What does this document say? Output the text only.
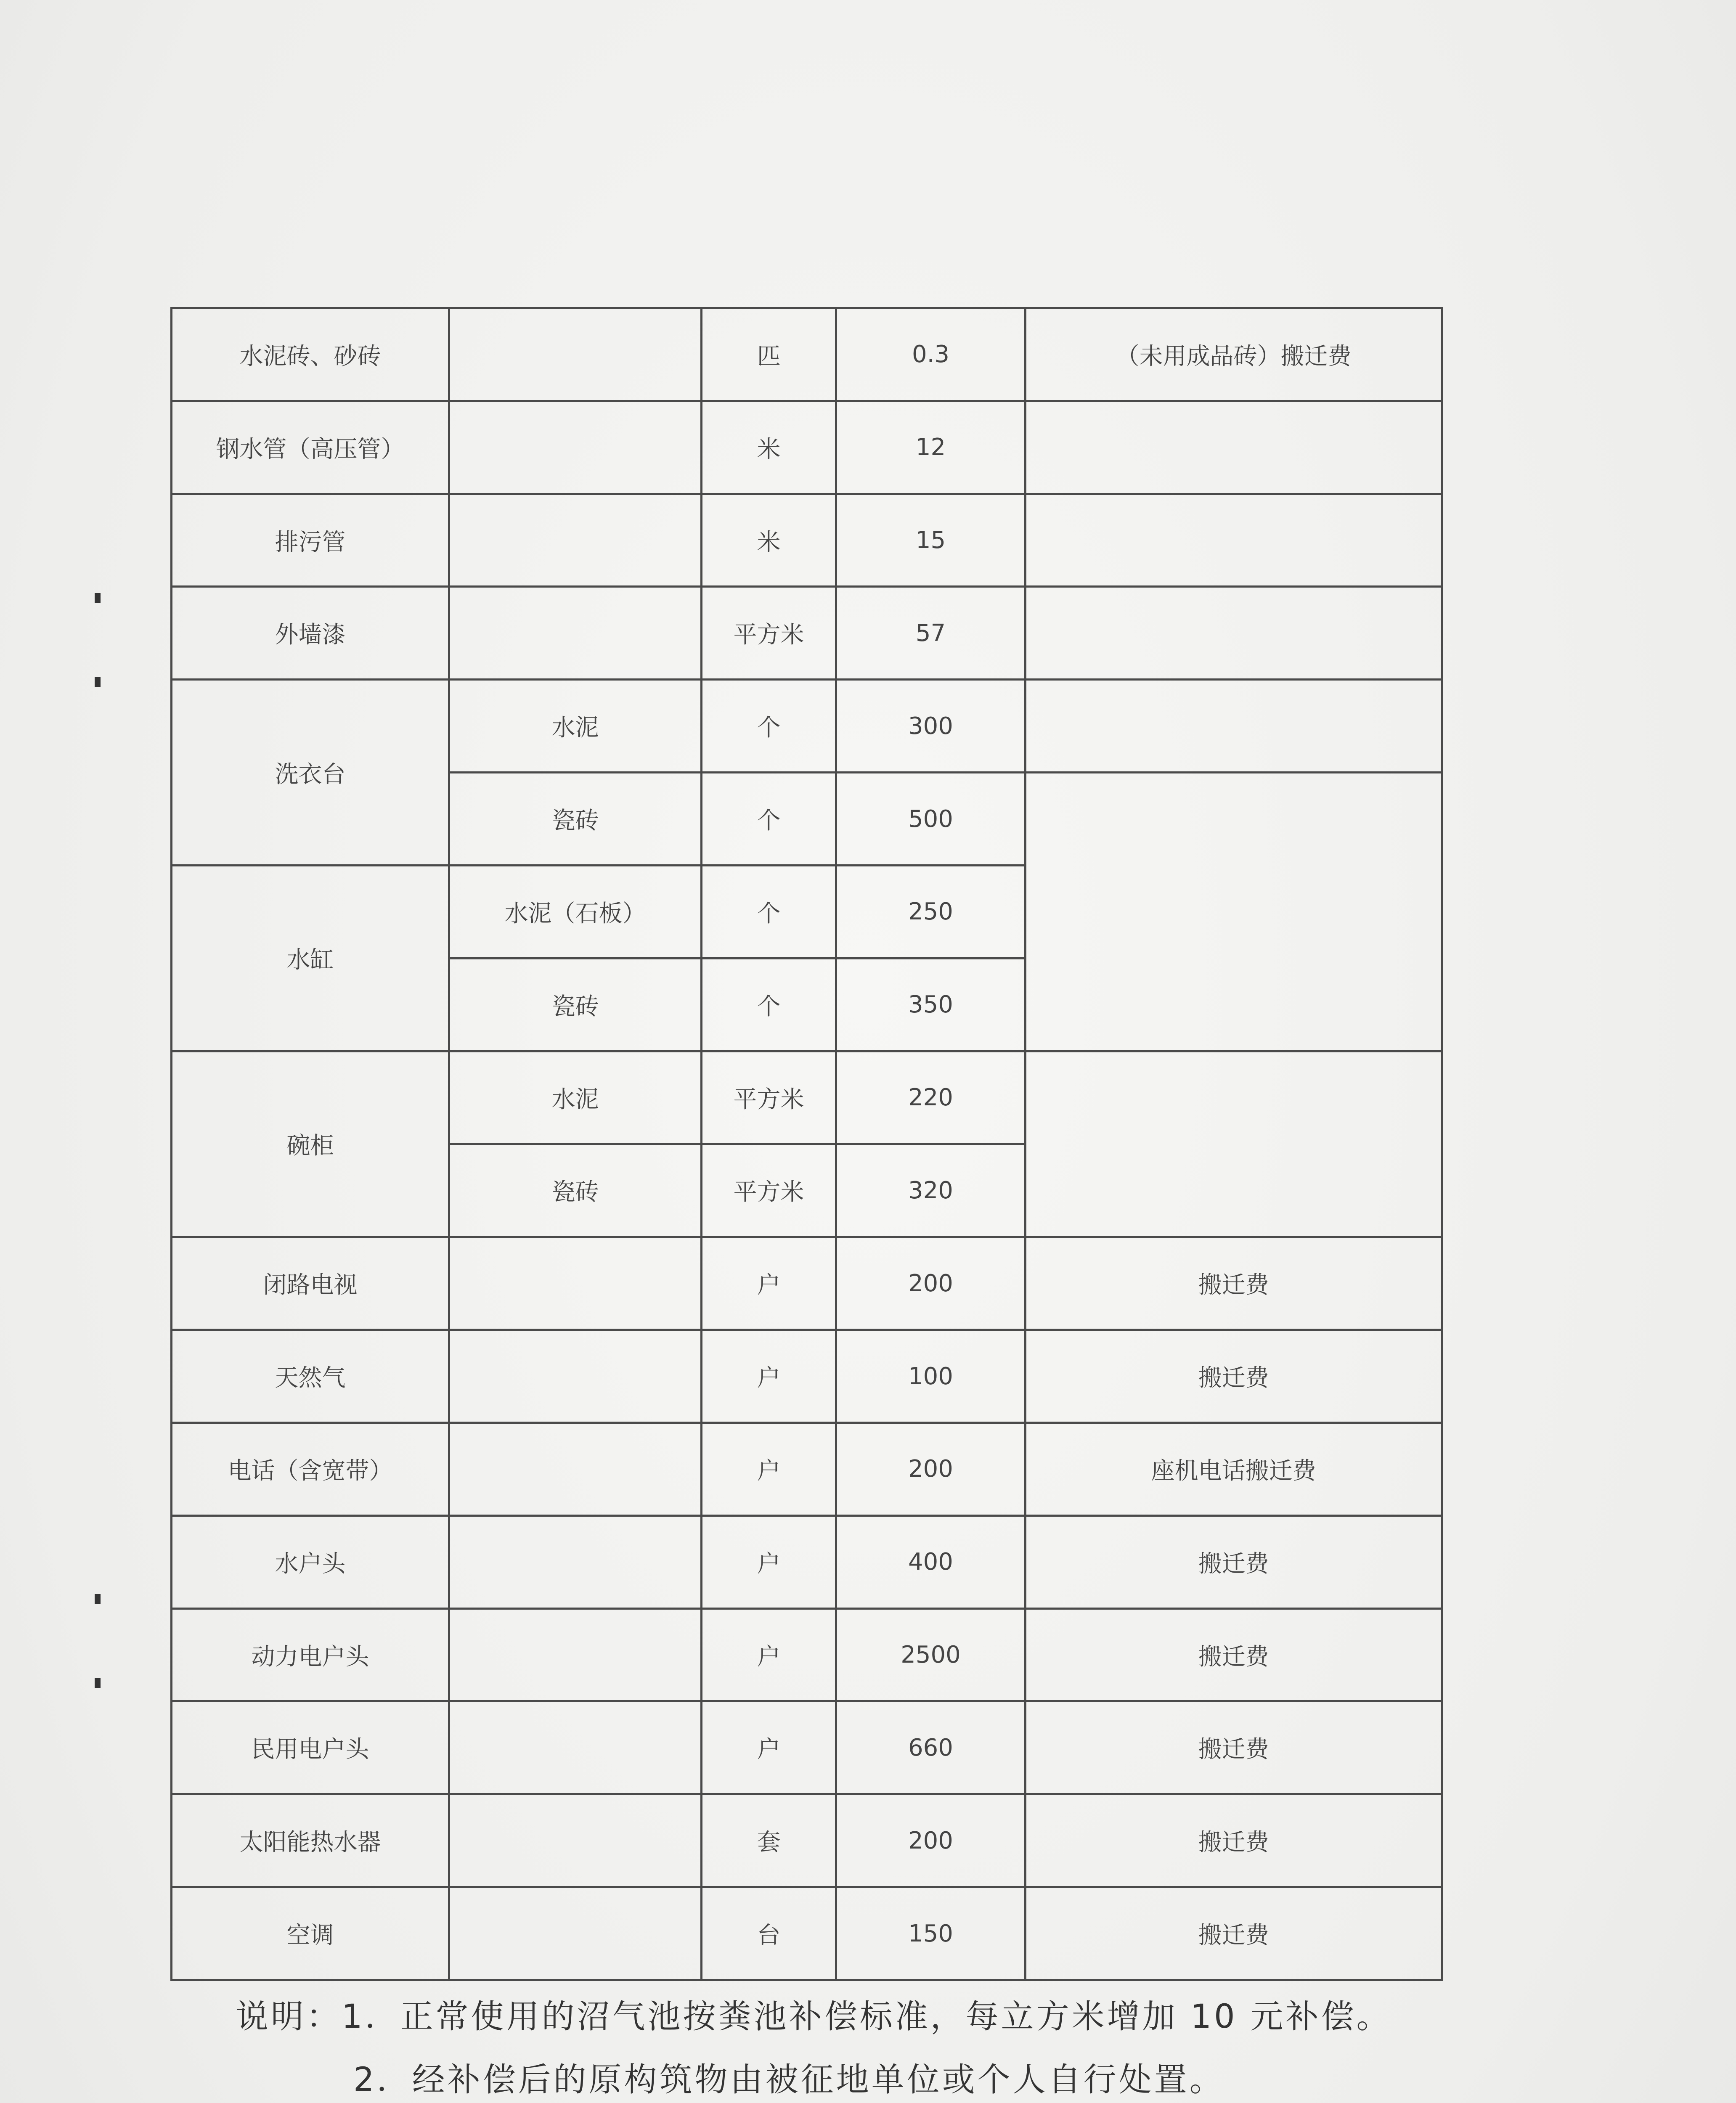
水泥砖、砂砖		匹	0.3	（未用成品砖）搬迁费
钢水管（高压管）		米	12	
排污管		米	15	
外墙漆		平方米	57	
洗衣台	水泥	个	300	
	瓷砖	个	500	
水缸	水泥（石板）	个	250	
	瓷砖	个	350	
碗柜	水泥	平方米	220	
	瓷砖	平方米	320	
闭路电视		户	200	搬迁费
天然气		户	100	搬迁费
电话（含宽带）		户	200	座机电话搬迁费
水户头		户	400	搬迁费
动力电户头		户	2500	搬迁费
民用电户头		户	660	搬迁费
太阳能热水器		套	200	搬迁费
空调		台	150	搬迁费
说明：1．正常使用的沼气池按粪池补偿标准，每立方米增加 10 元补偿。
2．经补偿后的原构筑物由被征地单位或个人自行处置。
